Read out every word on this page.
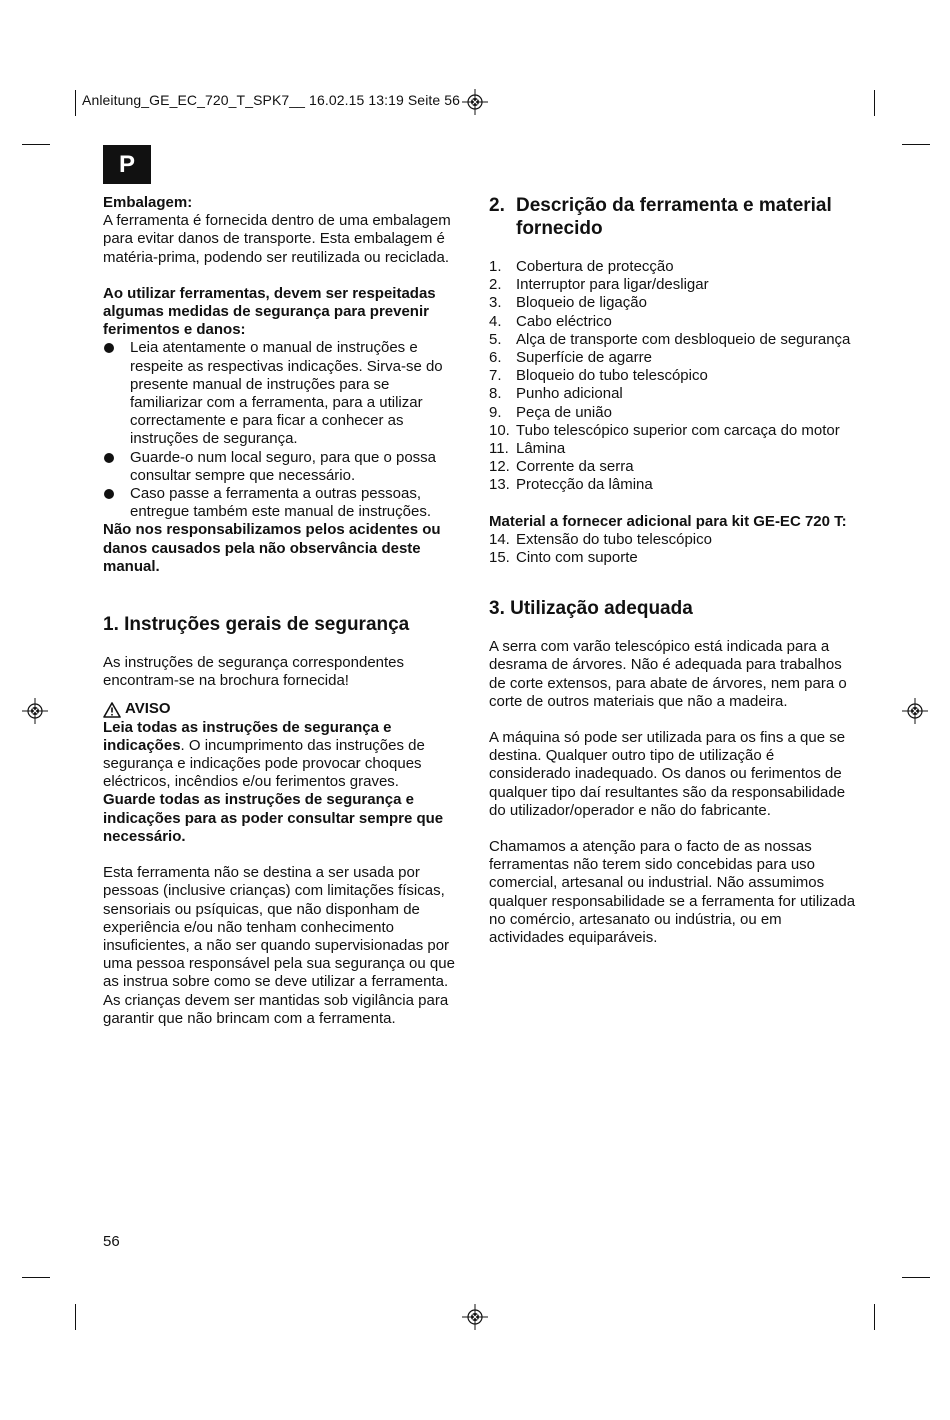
Anleitung_GE_EC_720_T_SPK7__ 16.02.15 13:19 Seite 56
P

Embalagem:

A ferramenta é fornecida dentro de uma embalagem para evitar danos de transporte. Esta embalagem é matéria-prima, podendo ser reutilizada ou reciclada.

Ao utilizar ferramentas, devem ser respeitadas algumas medidas de segurança para prevenir ferimentos e danos:

Leia atentamente o manual de instruções e respeite as respectivas indicações. Sirva-se do presente manual de instruções para se familiarizar com a ferramenta, para a utilizar correctamente e para ficar a conhecer as instruções de segurança.
Guarde-o num local seguro, para que o possa consultar sempre que necessário.
Caso passe a ferramenta a outras pessoas, entregue também este manual de instruções.

Não nos responsabilizamos pelos acidentes ou danos causados pela não observância deste manual.

1. Instruções gerais de segurança

As instruções de segurança correspondentes encontram-se na brochura fornecida!

AVISO

Leia todas as instruções de segurança e indicações. O incumprimento das instruções de segurança e indicações pode provocar choques eléctricos, incêndios e/ou ferimentos graves.

Guarde todas as instruções de segurança e indicações para as poder consultar sempre que necessário.

Esta ferramenta não se destina a ser usada por pessoas (inclusive crianças) com limitações físicas, sensoriais ou psíquicas, que não disponham de experiência e/ou não tenham conhecimento insuficientes, a não ser quando supervisionadas por uma pessoa responsável pela sua segurança ou que as instrua sobre como se deve utilizar a ferramenta. As crianças devem ser mantidas sob vigilância para garantir que não brincam com a ferramenta.

2. Descrição da ferramenta e material fornecido

1. Cobertura de protecção
2. Interruptor para ligar/desligar
3. Bloqueio de ligação
4. Cabo eléctrico
5. Alça de transporte com desbloqueio de segurança
6. Superfície de agarre
7. Bloqueio do tubo telescópico
8. Punho adicional
9. Peça de união
10. Tubo telescópico superior com carcaça do motor
11. Lâmina
12. Corrente da serra
13. Protecção da lâmina

Material a fornecer adicional para kit GE-EC 720 T:

14. Extensão do tubo telescópico
15. Cinto com suporte

3. Utilização adequada

A serra com varão telescópico está indicada para a desrama de árvores. Não é adequada para trabalhos de corte extensos, para abate de árvores, nem para o corte de outros materiais que não a madeira.

A máquina só pode ser utilizada para os fins a que se destina. Qualquer outro tipo de utilização é considerado inadequado. Os danos ou ferimentos de qualquer tipo daí resultantes são da responsabilidade do utilizador/operador e não do fabricante.

Chamamos a atenção para o facto de as nossas ferramentas não terem sido concebidas para uso comercial, artesanal ou industrial. Não assumimos qualquer responsabilidade se a ferramenta for utilizada no comércio, artesanato ou indústria, ou em actividades equiparáveis.

56
